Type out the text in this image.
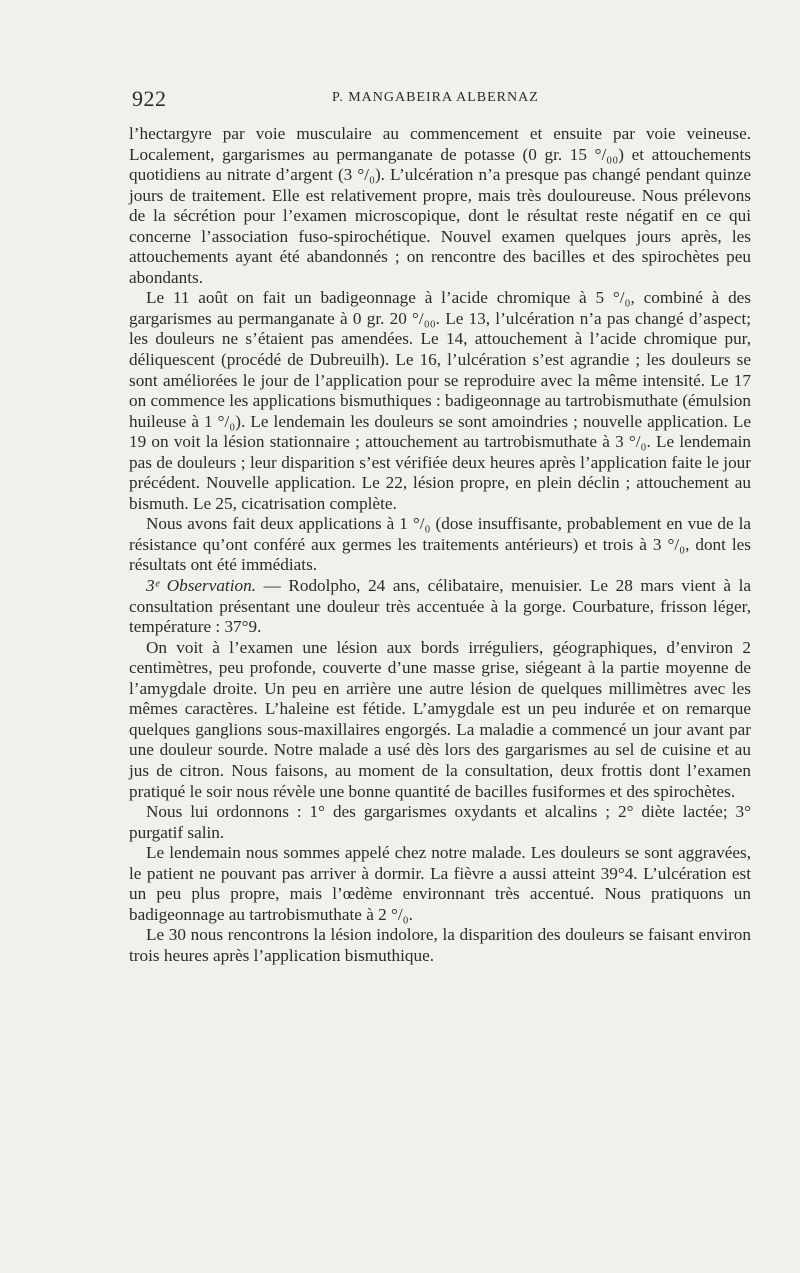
922	P. MANGABEIRA ALBERNAZ

l’hectargyre par voie musculaire au commencement et ensuite par voie veineuse. Localement, gargarismes au permanganate de potasse (0 gr. 15 °/₀₀) et attouchements quotidiens au nitrate d’argent (3 °/₀). L’ulcération n’a presque pas changé pendant quinze jours de traitement. Elle est relativement propre, mais très douloureuse. Nous prélevons de la sécrétion pour l’examen microscopique, dont le résultat reste négatif en ce qui concerne l’association fuso-spirochétique. Nouvel examen quelques jours après, les attouchements ayant été abandonnés ; on rencontre des bacilles et des spirochètes peu abondants.

Le 11 août on fait un badigeonnage à l’acide chromique à 5 °/₀, combiné à des gargarismes au permanganate à 0 gr. 20 °/₀₀. Le 13, l’ulcération n’a pas changé d’aspect; les douleurs ne s’étaient pas amendées. Le 14, attouchement à l’acide chromique pur, déliquescent (procédé de Dubreuilh). Le 16, l’ulcération s’est agrandie ; les douleurs se sont améliorées le jour de l’application pour se reproduire avec la même intensité. Le 17 on commence les applications bismuthiques : badigeonnage au tartrobismuthate (émulsion huileuse à 1 °/₀). Le lendemain les douleurs se sont amoindries ; nouvelle application. Le 19 on voit la lésion stationnaire ; attouchement au tartrobismuthate à 3 °/₀. Le lendemain pas de douleurs ; leur disparition s’est vérifiée deux heures après l’application faite le jour précédent. Nouvelle application. Le 22, lésion propre, en plein déclin ; attouchement au bismuth. Le 25, cicatrisation complète.

Nous avons fait deux applications à 1 °/₀ (dose insuffisante, probablement en vue de la résistance qu’ont conféré aux germes les traitements antérieurs) et trois à 3 °/₀, dont les résultats ont été immédiats.

3ᵉ Observation. — Rodolpho, 24 ans, célibataire, menuisier. Le 28 mars vient à la consultation présentant une douleur très accentuée à la gorge. Courbature, frisson léger, température : 37°9.

On voit à l’examen une lésion aux bords irréguliers, géographiques, d’environ 2 centimètres, peu profonde, couverte d’une masse grise, siégeant à la partie moyenne de l’amygdale droite. Un peu en arrière une autre lésion de quelques millimètres avec les mêmes caractères. L’haleine est fétide. L’amygdale est un peu indurée et on remarque quelques ganglions sous-maxillaires engorgés. La maladie a commencé un jour avant par une douleur sourde. Notre malade a usé dès lors des gargarismes au sel de cuisine et au jus de citron. Nous faisons, au moment de la consultation, deux frottis dont l’examen pratiqué le soir nous révèle une bonne quantité de bacilles fusiformes et des spirochètes.

Nous lui ordonnons : 1° des gargarismes oxydants et alcalins ; 2° diète lactée; 3° purgatif salin.

Le lendemain nous sommes appelé chez notre malade. Les douleurs se sont aggravées, le patient ne pouvant pas arriver à dormir. La fièvre a aussi atteint 39°4. L’ulcération est un peu plus propre, mais l’œdème environnant très accentué. Nous pratiquons un badigeonnage au tartrobismuthate à 2 °/₀.

Le 30 nous rencontrons la lésion indolore, la disparition des douleurs se faisant environ trois heures après l’application bismuthique.
